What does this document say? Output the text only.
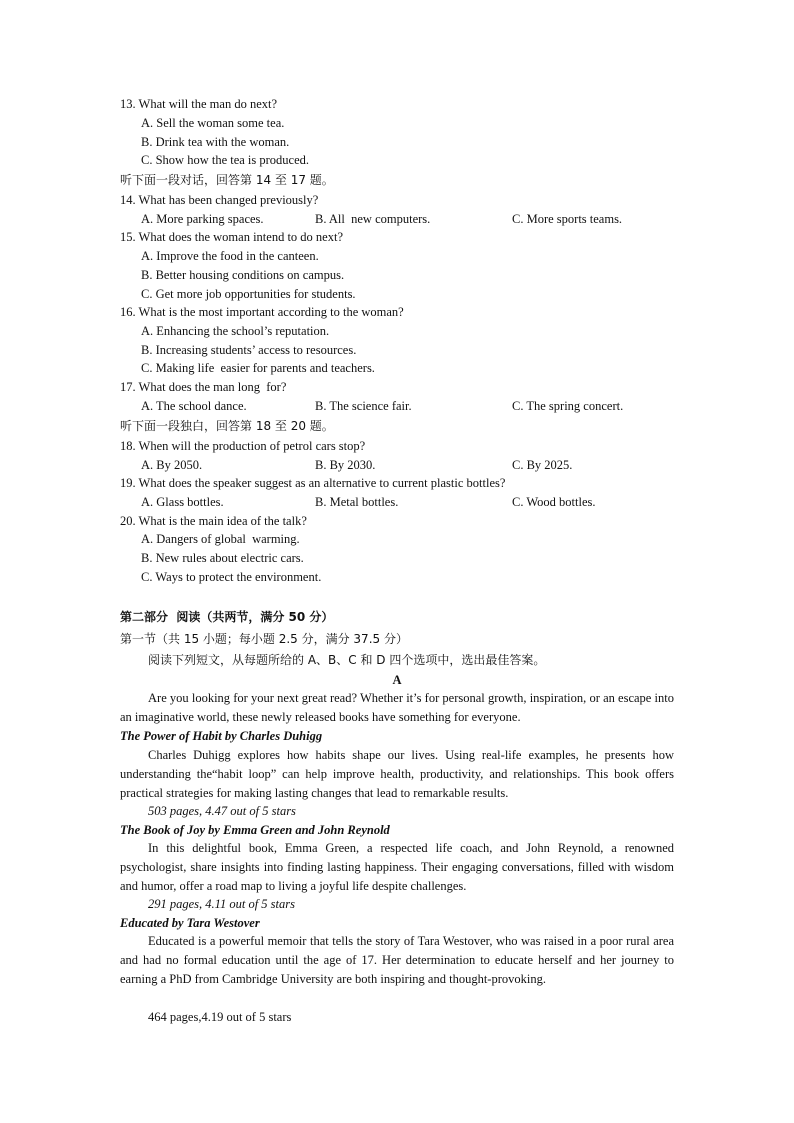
13. What will the man do next?
A. Sell the woman some tea.
B. Drink tea with the woman.
C. Show how the tea is produced.
听下面一段对话，回答第 14 至 17 题。
14. What has been changed previously?
A. More parking spaces.	B. All  new computers.	C. More sports teams.
15. What does the woman intend to do next?
A. Improve the food in the canteen.
B. Better housing conditions on campus.
C. Get more job opportunities for students.
16. What is the most important according to the woman?
A. Enhancing the school’s reputation.
B. Increasing students’ access to resources.
C. Making life  easier for parents and teachers.
17. What does the man long  for?
A. The school dance.	B. The science fair.	C. The spring concert.
听下面一段独白，回答第 18 至 20 题。
18. When will the production of petrol cars stop?
A. By 2050.	B. By 2030.	C. By 2025.
19. What does the speaker suggest as an alternative to current plastic bottles?
A. Glass bottles.	B. Metal bottles.	C. Wood bottles.
20. What is the main idea of the talk?
A. Dangers of global  warming.
B. New rules about electric cars.
C. Ways to protect the environment.
第二部分  阅读（共两节，满分 50 分）
第一节（共 15 小题；每小题 2.5 分，满分 37.5 分）
阅读下列短文，从每题所给的 A、B、C 和 D 四个选项中，选出最佳答案。
A
Are you looking for your next great read? Whether it’s for personal growth, inspiration, or an escape into an imaginative world, these newly released books have something for everyone.
The Power of Habit by Charles Duhigg
Charles Duhigg explores how habits shape our lives. Using real-life examples, he presents how understanding the“habit loop” can help improve health, productivity, and relationships. This book offers practical strategies for making lasting changes that lead to remarkable results.
503 pages, 4.47 out of 5 stars
The Book of Joy by Emma Green and John Reynold
In this delightful book, Emma Green, a respected life coach, and John Reynold, a renowned psychologist, share insights into finding lasting happiness. Their engaging conversations, filled with wisdom and humor, offer a road map to living a joyful life despite challenges.
291 pages, 4.11 out of 5 stars
Educated by Tara Westover
Educated is a powerful memoir that tells the story of Tara Westover, who was raised in a poor rural area and had no formal education until the age of 17. Her determination to educate herself and her journey to earning a PhD from Cambridge University are both inspiring and thought-provoking.
464 pages,4.19 out of 5 stars
